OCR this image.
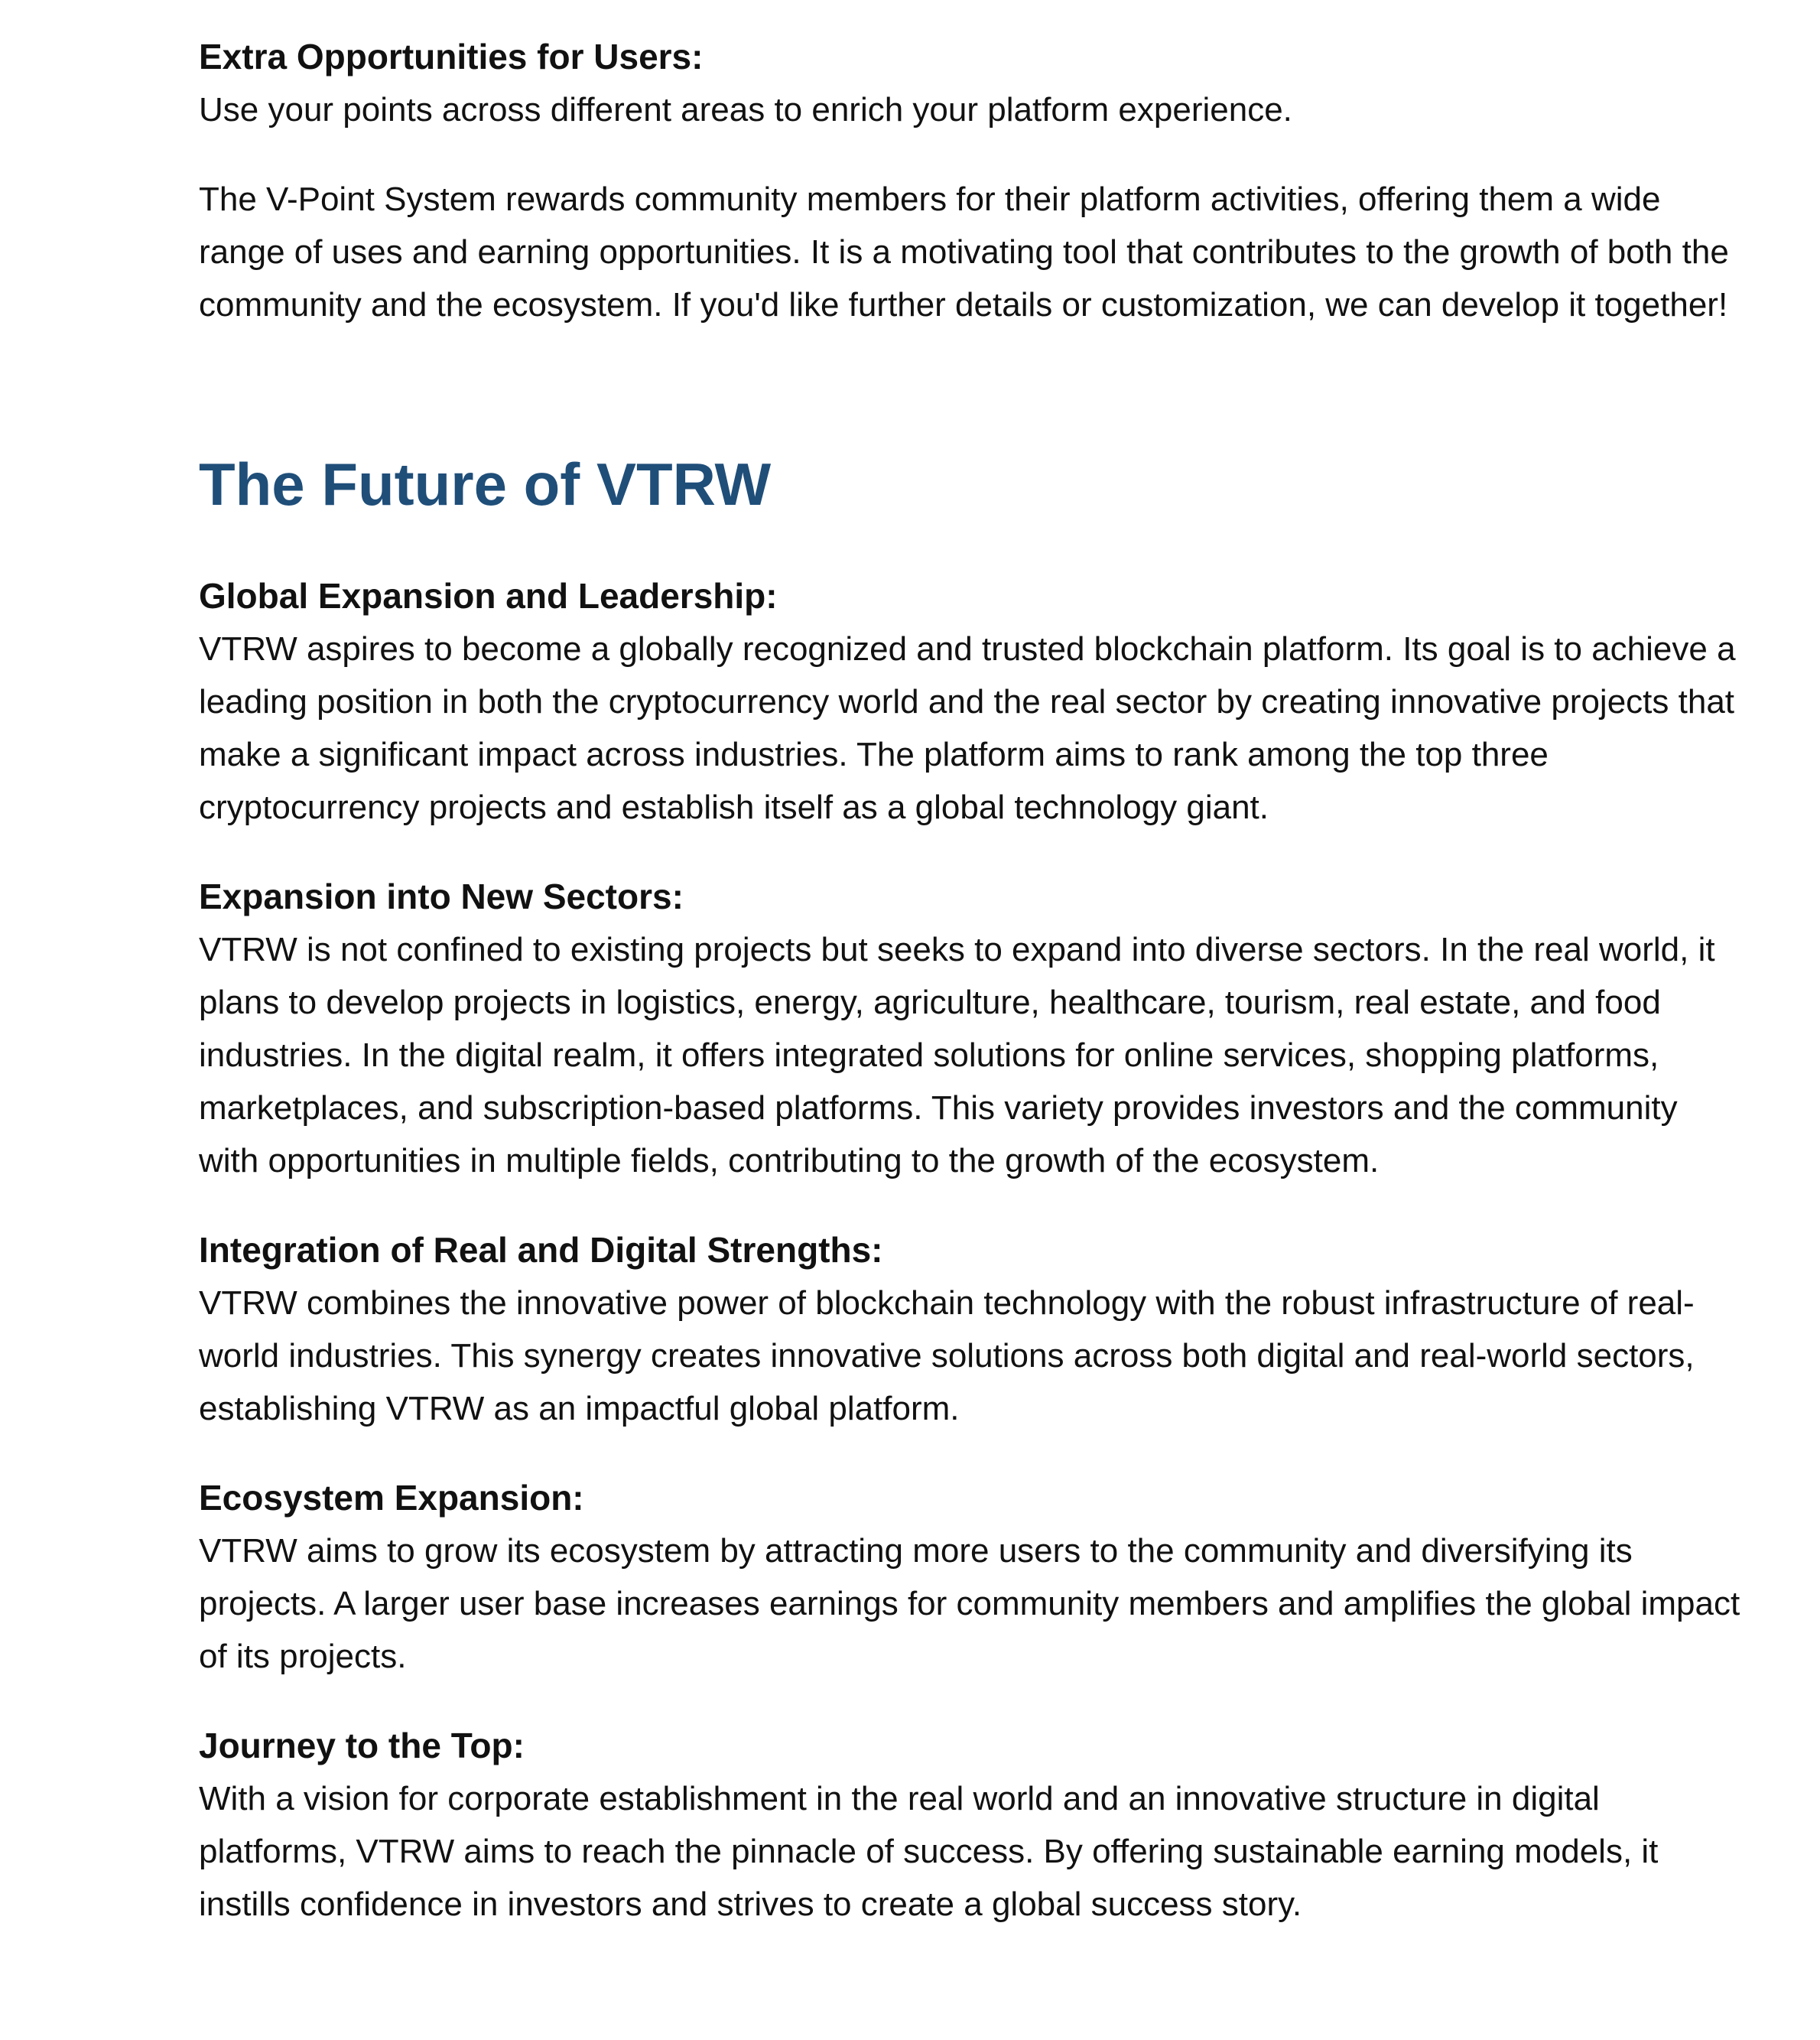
Extra Opportunities for Users:

Use your points across different areas to enrich your platform experience.

The V-Point System rewards community members for their platform activities, offering them a wide range of uses and earning opportunities. It is a motivating tool that contributes to the growth of both the community and the ecosystem. If you'd like further details or customization, we can develop it together!

The Future of VTRW

Global Expansion and Leadership:

VTRW aspires to become a globally recognized and trusted blockchain platform. Its goal is to achieve a leading position in both the cryptocurrency world and the real sector by creating innovative projects that make a significant impact across industries. The platform aims to rank among the top three cryptocurrency projects and establish itself as a global technology giant.

Expansion into New Sectors:

VTRW is not confined to existing projects but seeks to expand into diverse sectors. In the real world, it plans to develop projects in logistics, energy, agriculture, healthcare, tourism, real estate, and food industries. In the digital realm, it offers integrated solutions for online services, shopping platforms, marketplaces, and subscription-based platforms. This variety provides investors and the community with opportunities in multiple fields, contributing to the growth of the ecosystem.

Integration of Real and Digital Strengths:

VTRW combines the innovative power of blockchain technology with the robust infrastructure of real-world industries. This synergy creates innovative solutions across both digital and real-world sectors, establishing VTRW as an impactful global platform.

Ecosystem Expansion:

VTRW aims to grow its ecosystem by attracting more users to the community and diversifying its projects. A larger user base increases earnings for community members and amplifies the global impact of its projects.

Journey to the Top:

With a vision for corporate establishment in the real world and an innovative structure in digital platforms, VTRW aims to reach the pinnacle of success. By offering sustainable earning models, it instills confidence in investors and strives to create a global success story.
